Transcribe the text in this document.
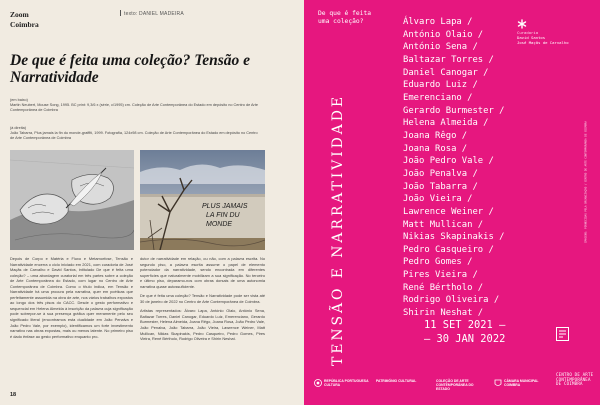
Zoom
Coimbra
texto: DANIEL MADEIRA
De que é feita uma coleção? Tensão e Narratividade
(em baixo)
Martin Neubert, Mouse Song, 1995. BC print: 9,3/6 x (série, c/1995) cm. Coleção de Arte Contemporânea do Estado em depósito no Centro de Arte Contemporânea de Coimbra
(à direita)
João Tabarra, Plus jamais la fin du monde-graffiti, 1999. Fotografia, 124x98 cm. Coleção de Arte Contemporânea do Estado em depósito no Centro de Arte Contemporânea de Coimbra
PLUS JAMAIS
LA FIN DU
MONDE

Depois de Corpo e Matéria e Fluxo e Metamorfose, Tensão e Narratividade encerra o ciclo iniciado em 2021, com curadoria de José Maçãs de Carvalho e David Santos, intitulado De que é feita uma coleção? – uma abordagem curatorial em três partes sobre a coleção de Arte Contemporânea do Estado, com lugar no Centro de Arte Contemporânea de Coimbra. Como o título indica, em Tensão e Narratividade há uma procura pela narrativa, quer em poéticas que perfeitamente assumida na obra de arte, nos vários trabalhos expostos ao longo dos três pisos do CACC. Desde o gesto performativo e sequencial em Helena Almeida à inscrição da palavra cuja significação pode sobrepor-se à sua presença gráfica quer meramente pelo seu significado literal (encontramos esta dualidade em João Penalva e João Pedro Vale, por exemplo), identificamos um forte investimento narrativo nas obras expostas, mais ou menos latente. No primeiro piso é dado ênfase ao gesto performativo enquanto pro-

dutor de narratividade em relação, ou não, com a palavra escrita. No segundo piso, a palavra escrita assume o papel de elemento potenciador da narratividade, sendo encontrada em diferentes superfícies que naturalmente mobilizam a sua significação. No terceiro e último piso, deparamo-nos com obras dorsais de uma autonomia narrativa quase autossuficiente.

De que é feita uma coleção? Tensão e Narratividade pode ser vista até 30 de janeiro de 2022 no Centro de Arte Contemporânea de Coimbra.

Artistas representados: Álvaro Lapa, António Olaio, António Sena, Baltazar Torres, Daniel Canogar, Eduardo Luiz, Emerenciano, Gerardo Burmester, Helena Almeida, Joana Rêgo, Joana Rosa, João Pedro Vale, João Penalva, João Tabarra, João Vieira, Lawrence Weiner, Matt Mullican, Nikias Skapinakis, Pedro Casqueiro, Pedro Gomes, Pires Vieira, René Bértholo, Rodrigo Oliveira e Shirin Neshat.

18
De que é feita
uma coleção?
TENSÃO E NARRATIVIDADE
Álvaro Lapa /
António Olaio /
António Sena /
Baltazar Torres /
Daniel Canogar /
Eduardo Luiz /
Emerenciano /
Gerardo Burmester /
Helena Almeida /
Joana Rêgo /
Joana Rosa /
João Pedro Vale /
João Penalva /
João Tabarra /
João Vieira /
Lawrence Weiner /
Matt Mullican /
Nikias Skapinakis /
Pedro Casqueiro /
Pedro Gomes /
Pires Vieira /
René Bértholo /
Rodrigo Oliveira /
Shirin Neshat /
Curadoria
David Santos
José Maçãs de Carvalho
IMAGENS: FORNECIDAS PELA ORGANIZAÇÃO / CENTRO DE ARTE CONTEMPORÂNEA DE COIMBRA
11 SET 2021 —
— 30 JAN 2022
CENTRO DE ARTE
CONTEMPORÂNEA
DE COIMBRA
REPÚBLICA PORTUGUESA
CULTURA
PATRIMÓNIO CULTURAL	COLEÇÃO DE ARTE CONTEMPORÂNEA DO ESTADO
CÂMARA MUNICIPAL
COIMBRA
